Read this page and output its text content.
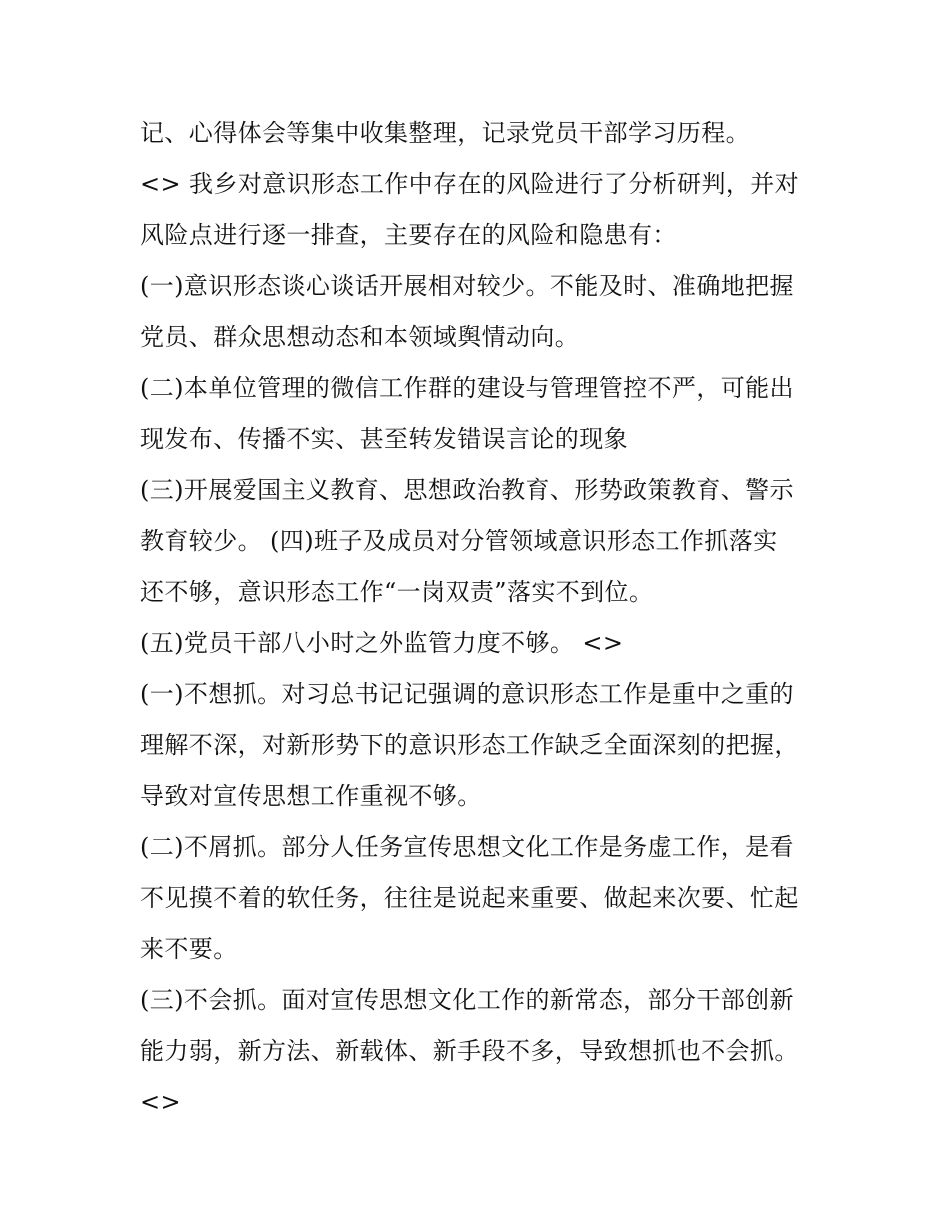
记、心得体会等集中收集整理，记录党员干部学习历程。
<> 我乡对意识形态工作中存在的风险进行了分析研判，并对
风险点进行逐一排查，主要存在的风险和隐患有：
(一)意识形态谈心谈话开展相对较少。不能及时、准确地把握
党员、群众思想动态和本领域舆情动向。
(二)本单位管理的微信工作群的建设与管理管控不严，可能出
现发布、传播不实、甚至转发错误言论的现象
(三)开展爱国主义教育、思想政治教育、形势政策教育、警示
教育较少。 (四)班子及成员对分管领域意识形态工作抓落实
还不够，意识形态工作“一岗双责”落实不到位。
(五)党员干部八小时之外监管力度不够。 <>
(一)不想抓。对习总书记记强调的意识形态工作是重中之重的
理解不深，对新形势下的意识形态工作缺乏全面深刻的把握，
导致对宣传思想工作重视不够。
(二)不屑抓。部分人任务宣传思想文化工作是务虚工作，是看
不见摸不着的软任务，往往是说起来重要、做起来次要、忙起
来不要。
(三)不会抓。面对宣传思想文化工作的新常态，部分干部创新
能力弱，新方法、新载体、新手段不多，导致想抓也不会抓。
<>
